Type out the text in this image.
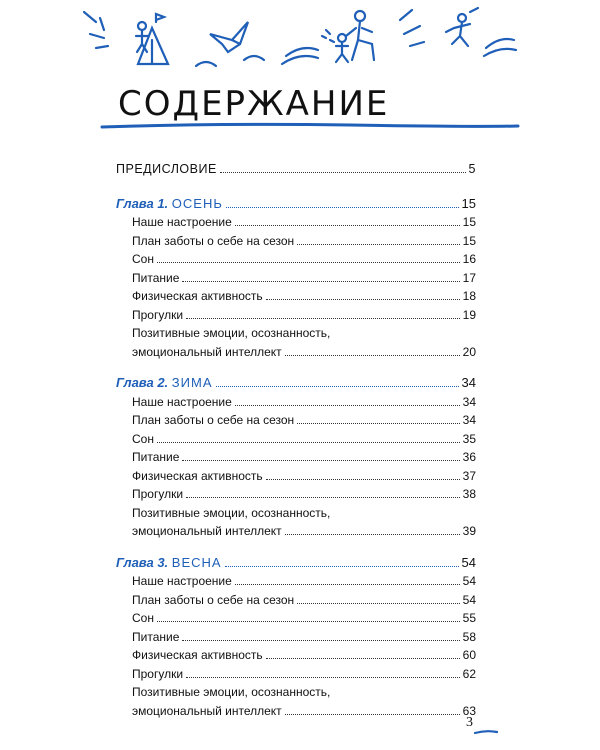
СОДЕРЖАНИЕ
ПРЕДИСЛОВИЕ	5
Глава 1. ОСЕНЬ	15
Наше настроение	15
План заботы о себе на сезон	15
Сон	16
Питание	17
Физическая активность	18
Прогулки	19
Позитивные эмоции, осознанность,
эмоциональный интеллект	20
Глава 2. ЗИМА	34
Наше настроение	34
План заботы о себе на сезон	34
Сон	35
Питание	36
Физическая активность	37
Прогулки	38
Позитивные эмоции, осознанность,
эмоциональный интеллект	39
Глава 3. ВЕСНА	54
Наше настроение	54
План заботы о себе на сезон	54
Сон	55
Питание	58
Физическая активность	60
Прогулки	62
Позитивные эмоции, осознанность,
эмоциональный интеллект	63
3
